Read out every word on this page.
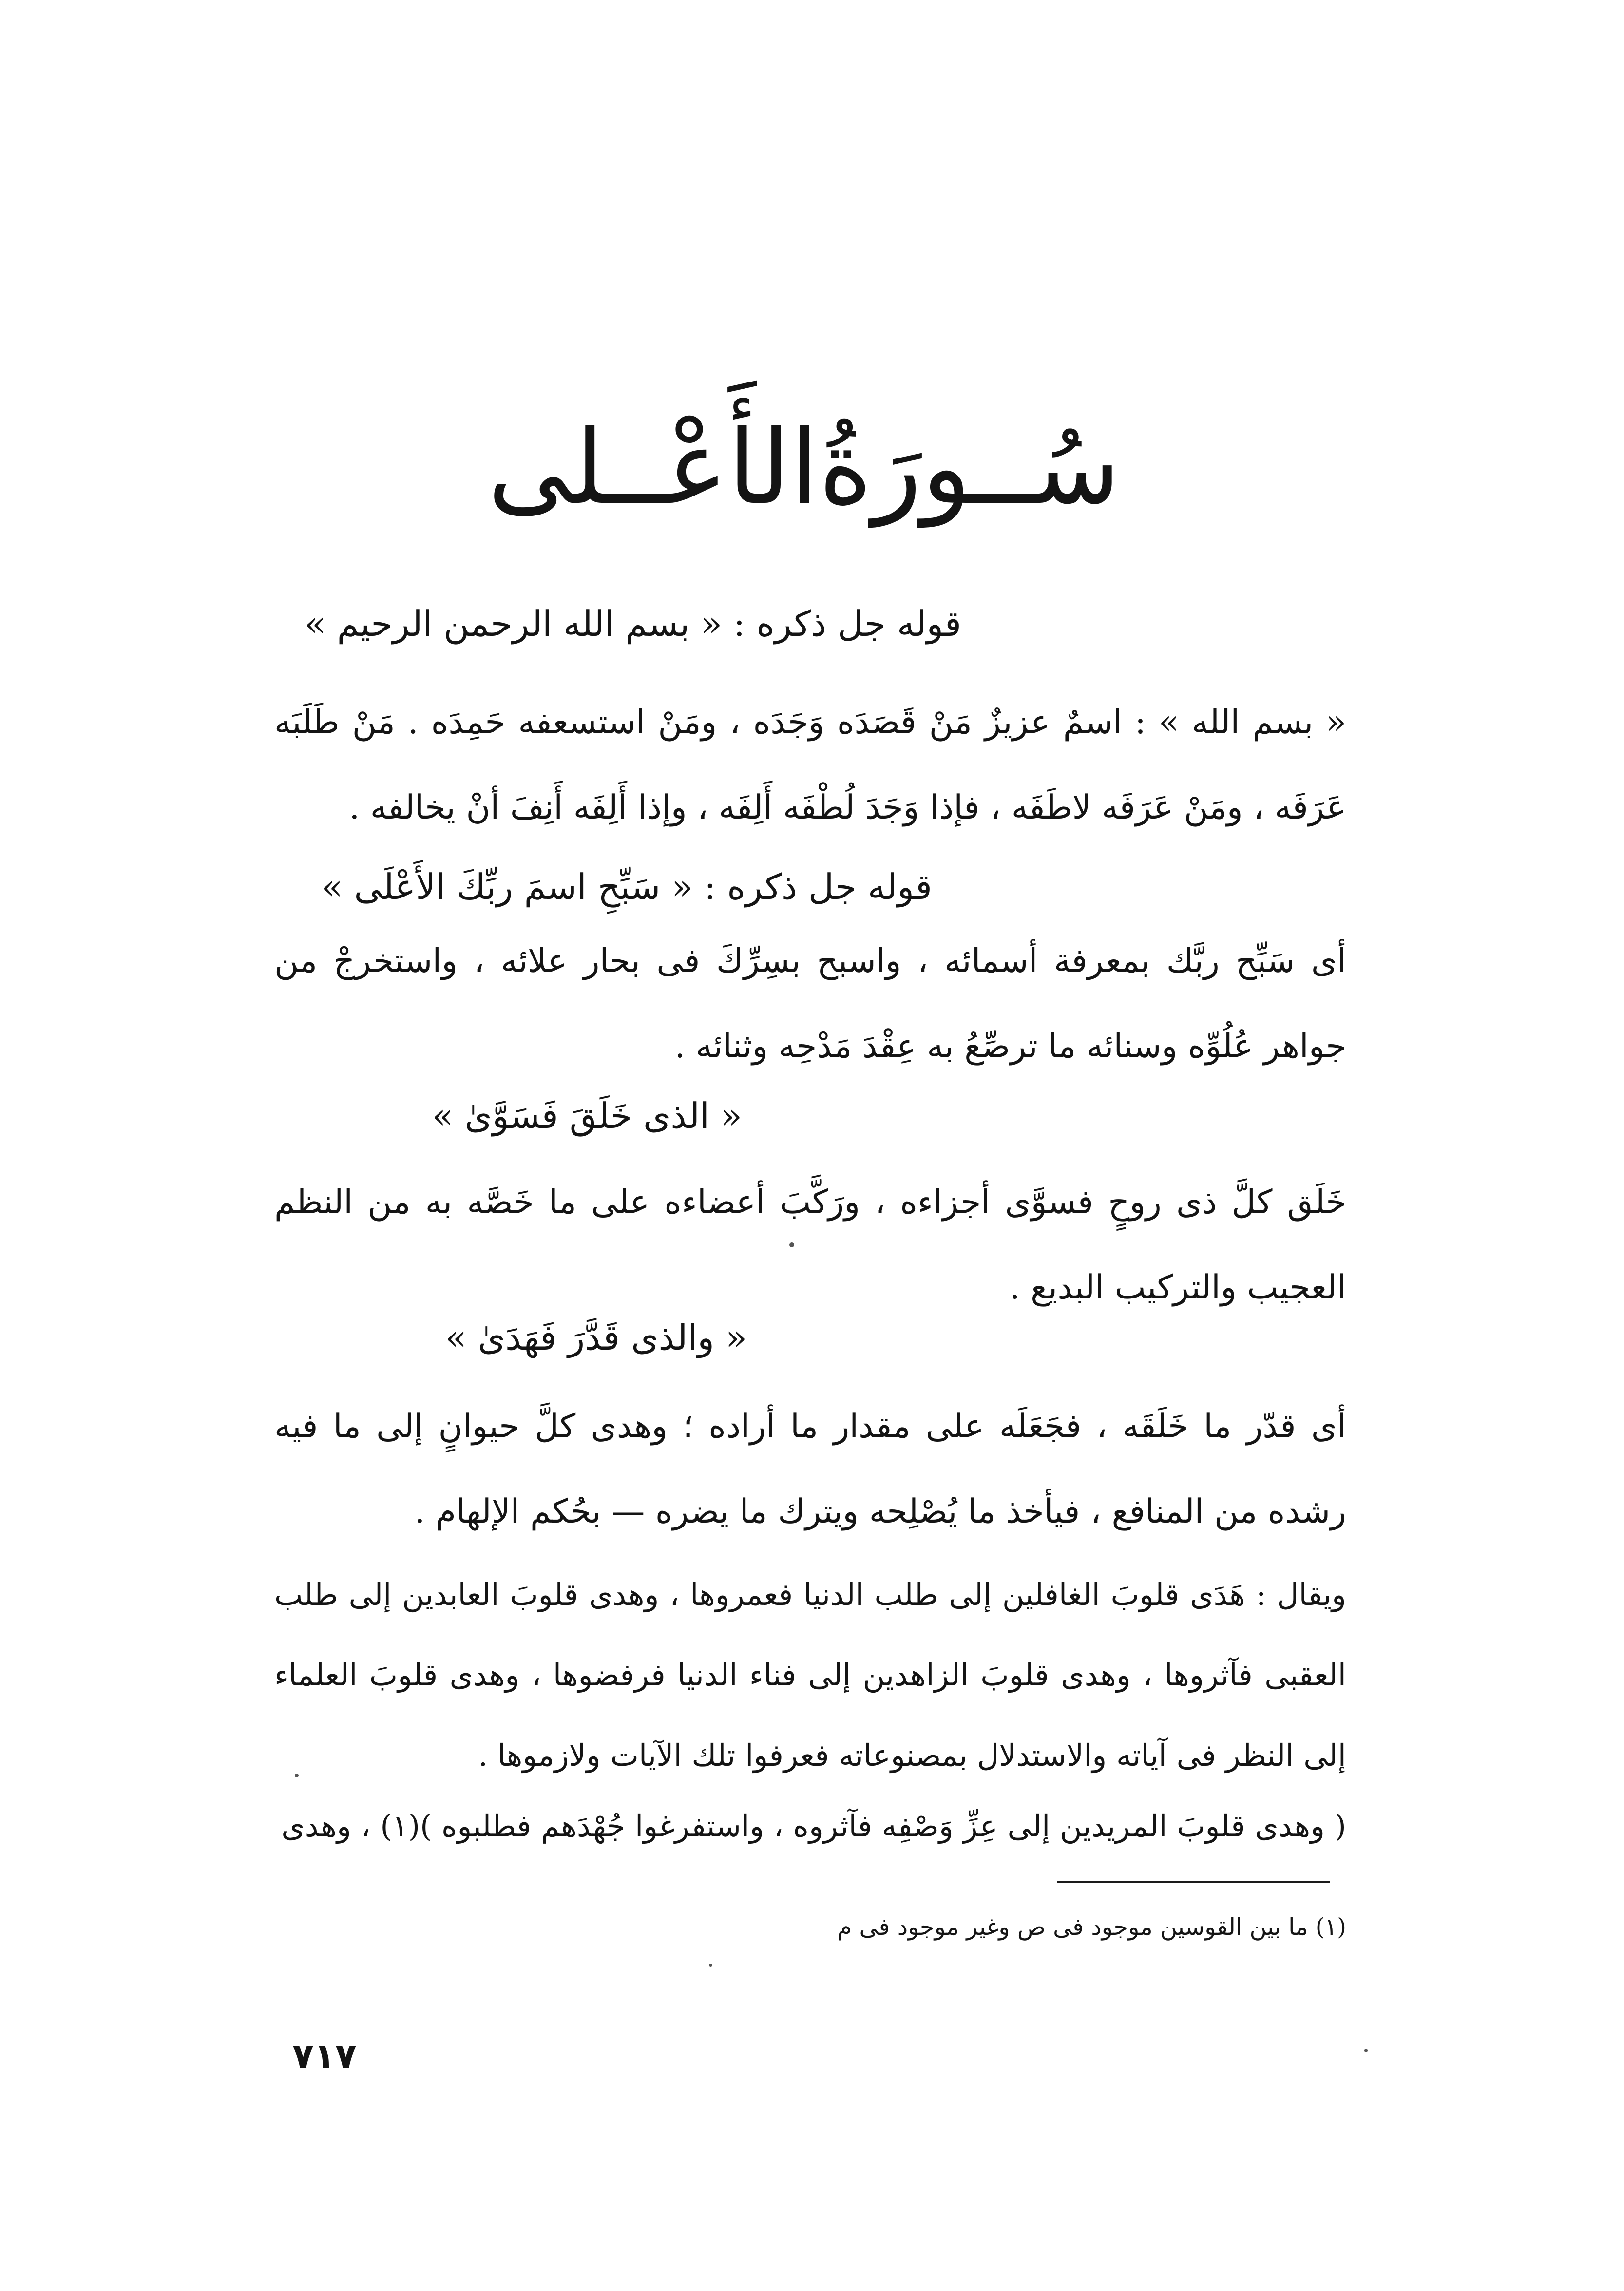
سُــورَةُالأَعْــلى
قوله جل ذكره : « بسم الله الرحمن الرحيم »
« بسم الله » : اسمٌ عزيزٌ مَنْ قَصَدَه وَجَدَه ، ومَنْ استسعفه حَمِدَه . مَنْ طَلَبَه عَرَفَه ، ومَنْ عَرَفَه لاطَفَه ، فإذا وَجَدَ لُطْفَه أَلِفَه ، وإذا أَلِفَه أَنِفَ أنْ يخالفه .
قوله جل ذكره : « سَبِّحِ اسمَ ربِّكَ الأَعْلَى »
أى سَبِّح ربَّك بمعرفة أسمائه ، واسبح بسِرِّكَ فى بحار علائه ، واستخرجْ من جواهر عُلُوِّه وسنائه ما ترصِّعُ به عِقْدَ مَدْحِه وثنائه .
« الذى خَلَقَ فَسَوَّىٰ »
خَلَق كلَّ ذى روحٍ فسوَّى أجزاءه ، ورَكَّبَ أعضاءه على ما خَصَّه به من النظم العجيب والتركيب البديع .
« والذى قَدَّرَ فَهَدَىٰ »
أى قدّر ما خَلَقَه ، فجَعَلَه على مقدار ما أراده ؛ وهدى كلَّ حيوانٍ إلى ما فيه رشده من المنافع ، فيأخذ ما يُصْلِحه ويترك ما يضره — بحُكم الإلهام .
ويقال : هَدَى قلوبَ الغافلين إلى طلب الدنيا فعمروها ، وهدى قلوبَ العابدين إلى طلب العقبى فآثروها ، وهدى قلوبَ الزاهدين إلى فناء الدنيا فرفضوها ، وهدى قلوبَ العلماء إلى النظر فى آياته والاستدلال بمصنوعاته فعرفوا تلك الآيات ولازموها .
( وهدى قلوبَ المريدين إلى عِزِّ وَصْفِه فآثروه ، واستفرغوا جُهْدَهم فطلبوه )(١) ، وهدى
(١) ما بين القوسين موجود فى ص وغير موجود فى م
٧١٧
